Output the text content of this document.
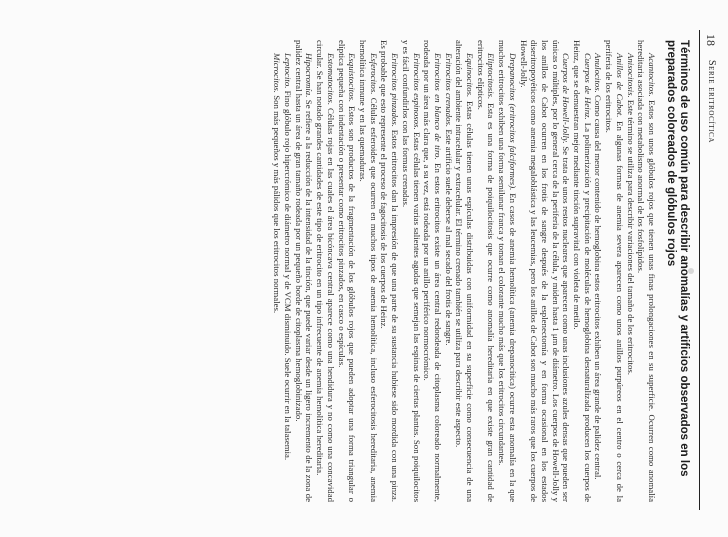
18
Serie eritrocítica
Términos de uso común para describir anomalías y artificios observados en los preparados coloreados de glóbulos rojos

Acantocitos. Estos son unos glóbulos rojos que tienen unas finas prolongaciones en su superficie. Ocurren como anomalía hereditaria asociada con metabolismo anormal de los fosfolípidos.

Anisocitosis. Este término se utiliza para describir variaciones del tamaño de los eritrocitos.

Anillos de Cabot. En algunas formas de anemia severa aparecen como unos anillos purpúreos en el centro o cerca de la periferia de los eritrocitos.

Anulocitos. Como causa del menor contenido de hemoglobina estos eritrocitos exhiben un área grande de palidez central.

Cuerpos de Heinz. La polimerización y precipitación de moléculas de hemoglobina desnaturalizada producen los cuerpos de Heinz, que se demuestran mejor mediante tinción supravital con violeta de metilo.

Cuerpos de Howell-Jolly. Se trata de unos restos nucleares que aparecen como unas inclusiones azules densas que pueden ser únicas o múltiples, por lo general cerca de la periferia de la célula, y miden hasta 1 μm de diámetro. Los cuerpos de Howell-Jolly y los anillos de Cabot ocurren en los frotis de sangre después de la esplenectomía y en forma ocasional en los estados diseritropoyéticos como anemia megaloblástica y las leucemias, pero los anillos de Cabot son mucho más raros que los cuerpos de Howell-Jolly.

Drepanocitos (eritrocitos falciformes). En casos de anemia hemolítica (anemia drepanocítica) ocurre esta anomalía en la que muchos eritrocitos exhiben una forma semilunar franca y toman el colorante mucho más que los eritrocitos circundantes.

Eliptocitosis. Esta es una forma de poiquilocitosis que ocurre como anomalía hereditaria en que existe gran cantidad de eritrocitos elípticos.

Equinocitos. Estas células tienen unas espículas distribuidas con uniformidad en su superficie como consecuencia de una alteración del ambiente intracelular y extracelular. El término crenado también se utiliza para describir este aspecto.

Eritrocitos crenados. Este artificio suele deberse al mal secado del frotis de sangre.

Eritrocitos en blanco de tiro. En estos eritrocitos existe un área central redondeada de citoplasma coloreado normalmente, rodeada por un área más clara que, a su vez, está rodeada por un anillo periférico normocrómico.

Eritrocitos espinosos. Estas células tienen varias salientes agudas que semejan las espinas de ciertas plantas. Son poiquilocitos y es fácil confundirlos con las formas crenadas.

Eritrocitos pinzados. Estos eritrocitos dan la impresión de que una parte de su sustancia hubiese sido mordida con una pinza. Es probable que esto represente el proceso de fagocitosis de los cuerpos de Heinz.

Esferocitos. Células esferoides que ocurren en muchos tipos de anemia hemolítica, incluso esferocitosis hereditaria, anemia hemolítica inmune y en las quemaduras.

Esquistocitos. Estos son productos de la fragmentación de los glóbulos rojos que pueden adoptar una forma triangular o elíptica pequeña con indentación o presentar como eritrocitos pinzados, en casco o espículas.

Estomatocitos. Células rojas en las cuales el área bicóncava central aparece como una hendidura y no como una concavidad circular. Se han notado grandes cantidades de este tipo de eritrocito en un tipo infrecuente de anemia hemolítica hereditaria.

Hipocromía. Se refiere a la reducción de la intensidad de la tinción, que puede variar desde un ligero incremento de la zona de palidez central hasta un área de gran tamaño rodeada por un pequeño borde de citoplasma hemoglobinizado.

Leptocito. Fino glóbulo rojo hipercrómico de diámetro normal y de VCM disminuido. Suele ocurrir en la talasemia.

Microcitos. Son más pequeños y más pálidos que los eritrocitos normales.
